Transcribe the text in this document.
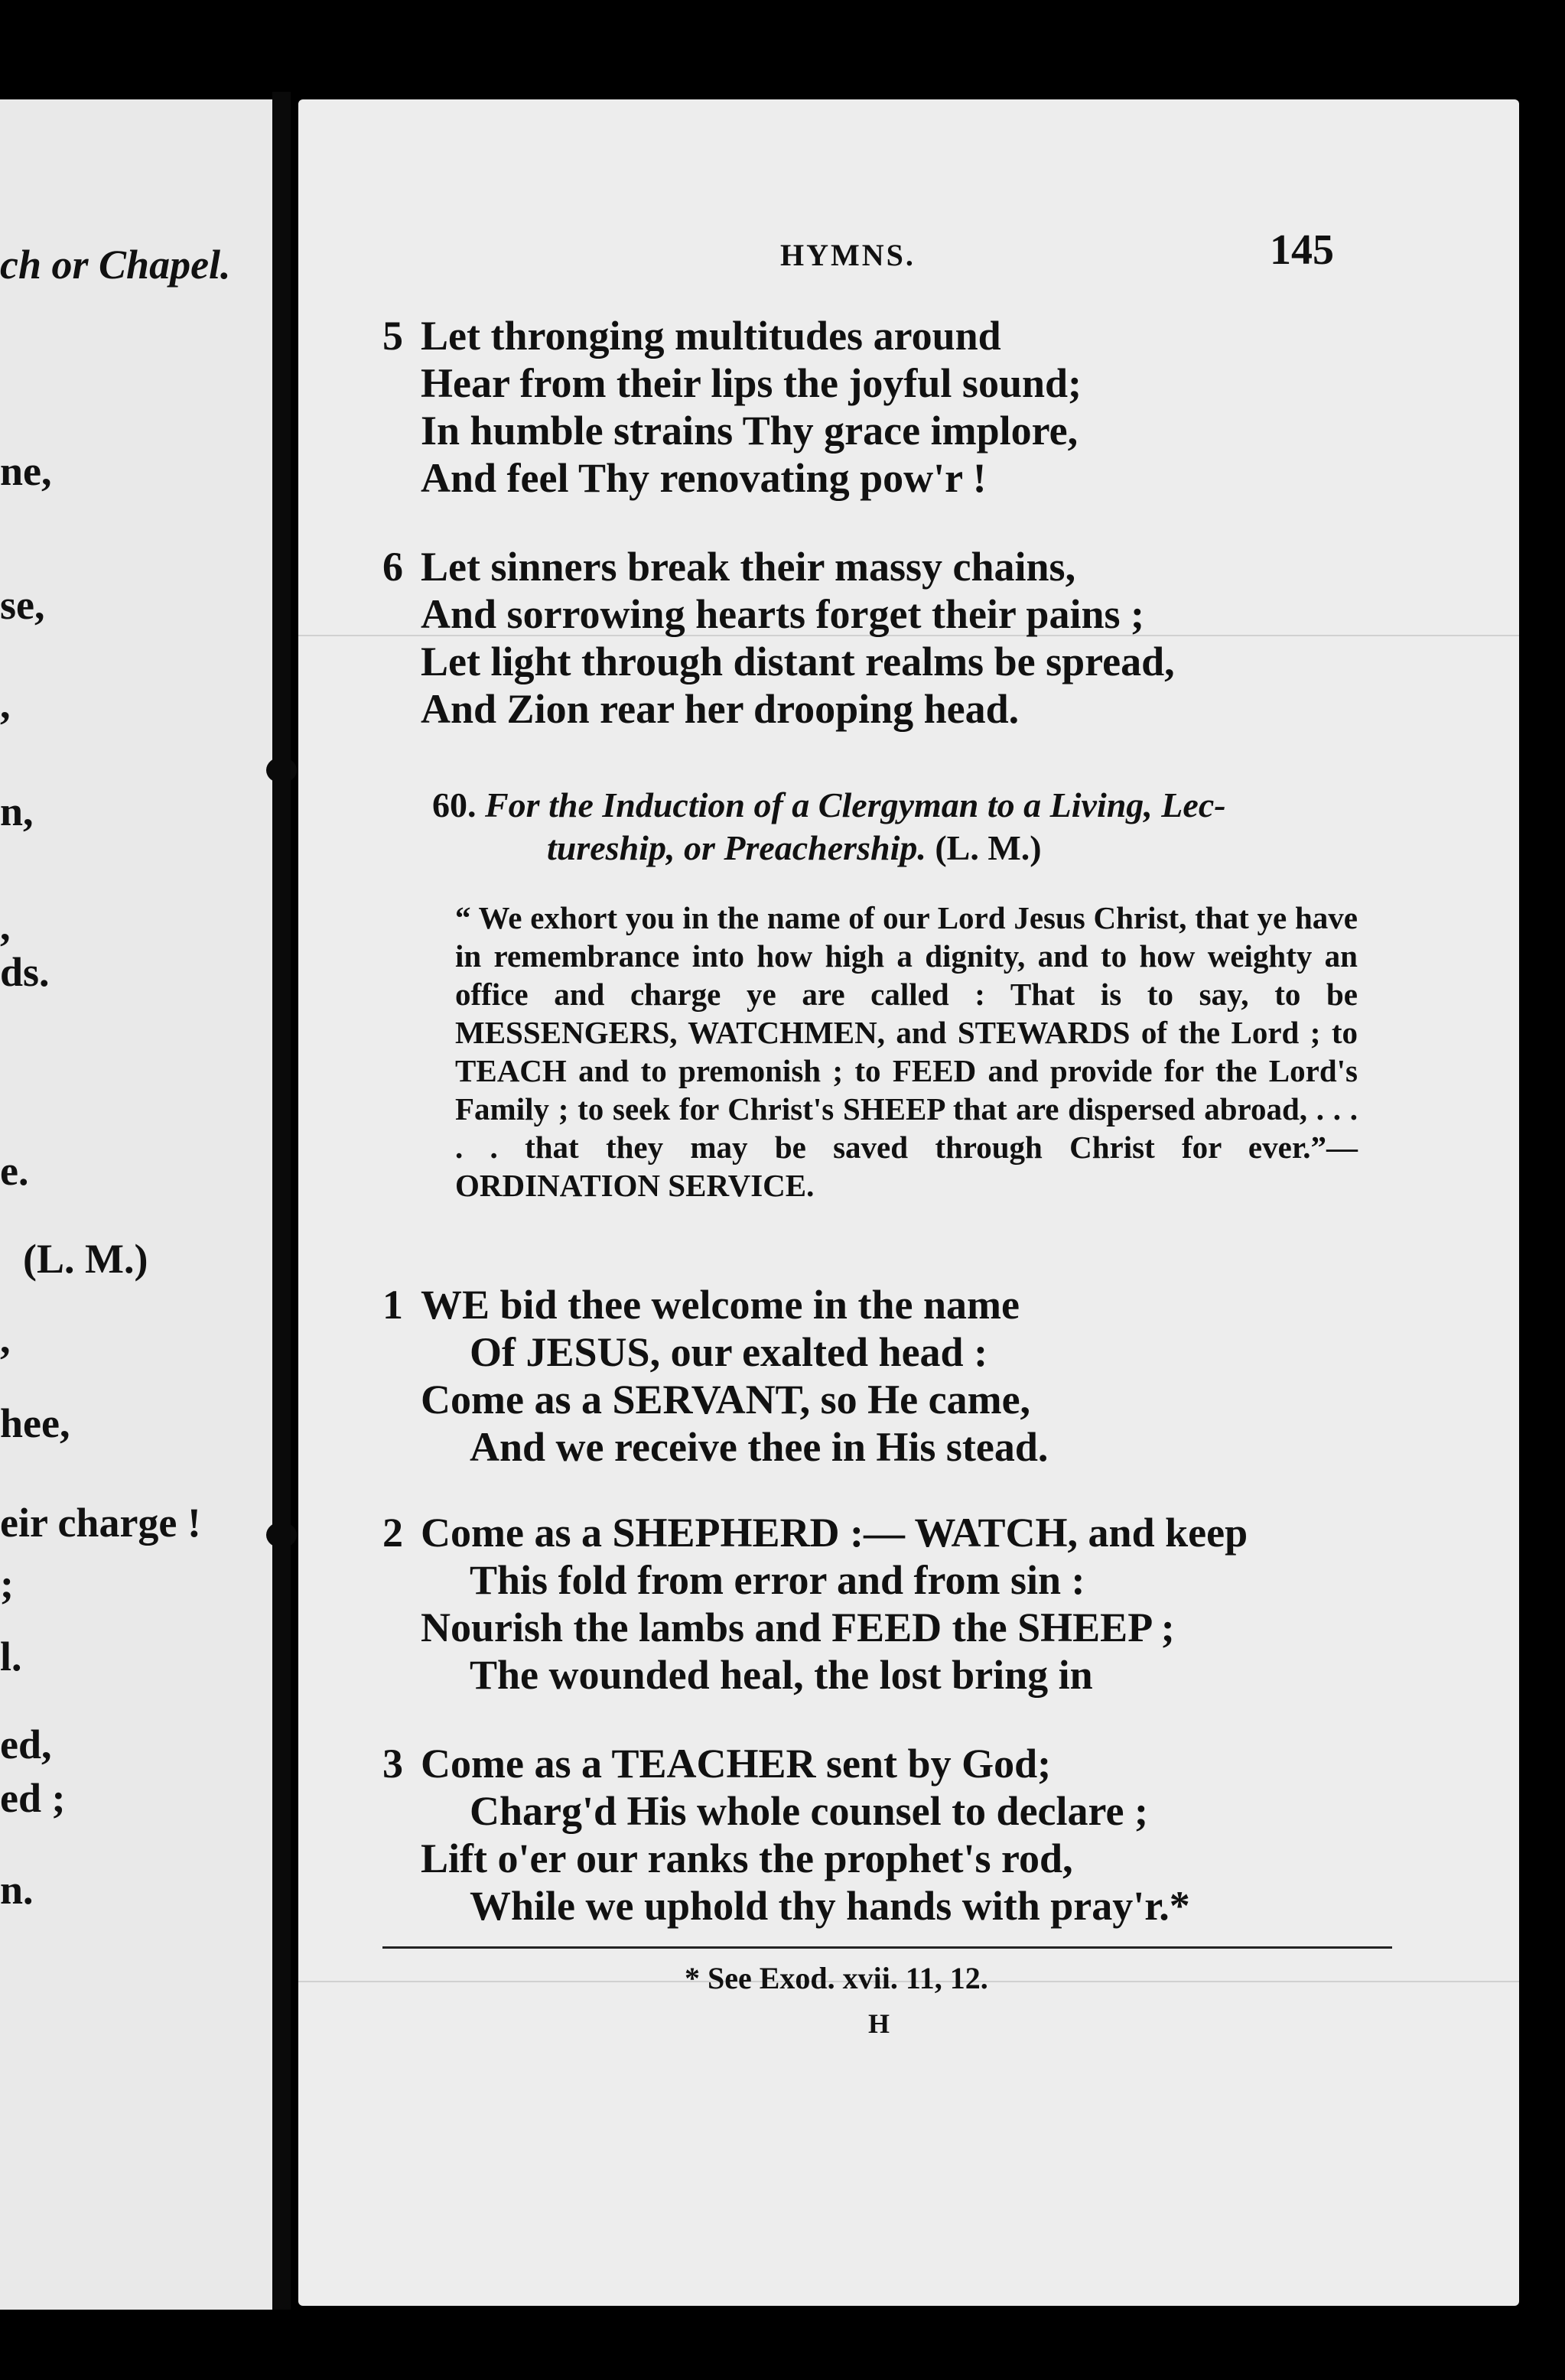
ch or Chapel.
ne,
se,
,
n,
,
ds.
e.
(L. M.)
,
hee,
eir charge !
;
l.
ed,
ed ;
n.
HYMNS.	145
5 Let thronging multitudes around
Hear from their lips the joyful sound;
In humble strains Thy grace implore,
And feel Thy renovating pow'r !
6 Let sinners break their massy chains,
And sorrowing hearts forget their pains ;
Let light through distant realms be spread,
And Zion rear her drooping head.
60. For the Induction of a Clergyman to a Living, Lec-
tureship, or Preachership. (L. M.)
“ We exhort you in the name of our Lord Jesus Christ, that ye have in remembrance into how high a dignity, and to how weighty an office and charge ye are called : That is to say, to be MESSENGERS, WATCHMEN, and STEWARDS of the Lord ; to TEACH and to premonish ; to FEED and provide for the Lord's Family ; to seek for Christ's SHEEP that are dispersed abroad, . . . . . that they may be saved through Christ for ever.”—ORDINATION SERVICE.
1 WE bid thee welcome in the name
Of JESUS, our exalted head :
Come as a SERVANT, so He came,
And we receive thee in His stead.
2 Come as a SHEPHERD :— WATCH, and keep
This fold from error and from sin :
Nourish the lambs and FEED the SHEEP ;
The wounded heal, the lost bring in
3 Come as a TEACHER sent by God;
Charg'd His whole counsel to declare ;
Lift o'er our ranks the prophet's rod,
While we uphold thy hands with pray'r.*
* See Exod. xvii. 11, 12.
H
